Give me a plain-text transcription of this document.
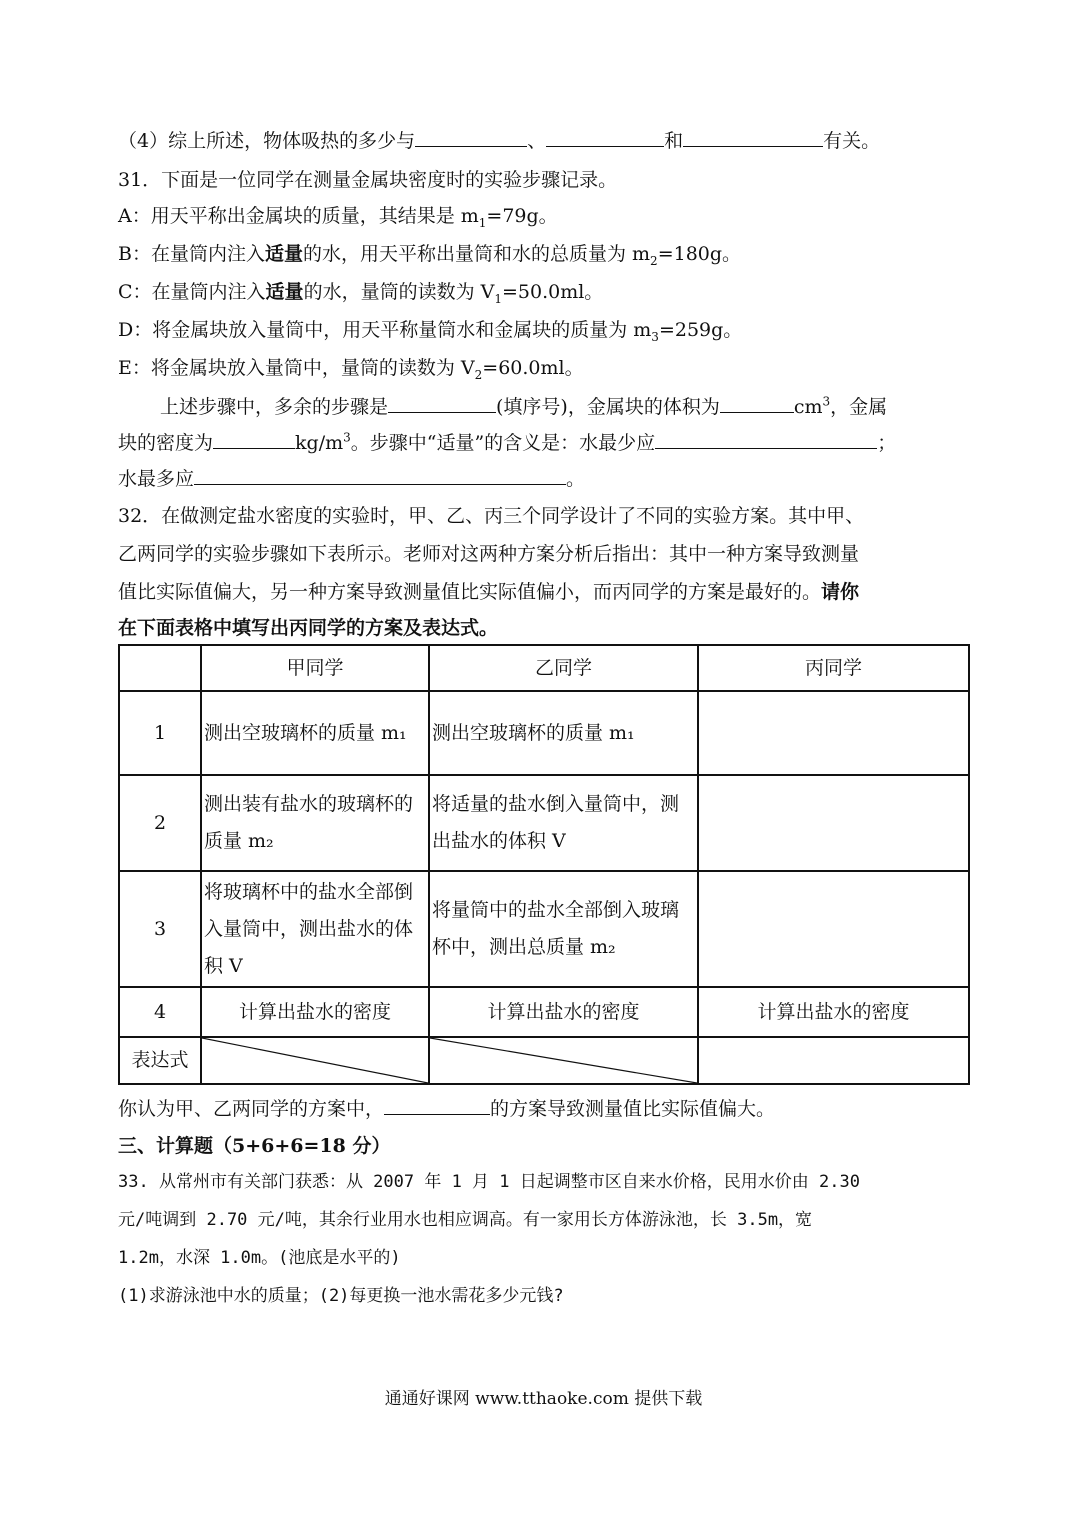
（4）综上所述，物体吸热的多少与	、	和	有关。
31．下面是一位同学在测量金属块密度时的实验步骤记录。
A：用天平称出金属块的质量，其结果是 $m_1=79g$。
B：在量筒内注入适量的水，用天平称出量筒和水的总质量为 $m_2=180g$。
C：在量筒内注入适量的水，量筒的读数为 $V_1=50.0ml$。
D：将金属块放入量筒中，用天平称量筒水和金属块的质量为 $m_3=259g$。
E：将金属块放入量筒中，量筒的读数为 $V_2=60.0ml$。
上述步骤中，多余的步骤是	(填序号)，金属块的体积为	$cm^3$，金属
块的密度为	$kg/m^3$。步骤中“适量”的含义是：水最少应	；
水最多应	。
32．在做测定盐水密度的实验时，甲、乙、丙三个同学设计了不同的实验方案。其中甲、
乙两同学的实验步骤如下表所示。老师对这两种方案分析后指出：其中一种方案导致测量
值比实际值偏大，另一种方案导致测量值比实际值偏小，而丙同学的方案是最好的。请你
在下面表格中填写出丙同学的方案及表达式。
	甲同学	乙同学	丙同学
1	测出空玻璃杯的质量 m₁	测出空玻璃杯的质量 m₁	
2	测出装有盐水的玻璃杯的质量 m₂	将适量的盐水倒入量筒中，测出盐水的体积 V	
3	将玻璃杯中的盐水全部倒入量筒中，测出盐水的体积 V	将量筒中的盐水全部倒入玻璃杯中，测出总质量 m₂	
4	计算出盐水的密度	计算出盐水的密度	计算出盐水的密度
表达式	

你认为甲、乙两同学的方案中，	的方案导致测量值比实际值偏大。
三、计算题（5+6+6=18 分）
33. 从常州市有关部门获悉：从 2007 年 1 月 1 日起调整市区自来水价格，民用水价由 2.30
元/吨调到 2.70 元/吨，其余行业用水也相应调高。有一家用长方体游泳池，长 3.5m，宽
1.2m，水深 1.0m。(池底是水平的)
(1)求游泳池中水的质量；(2)每更换一池水需花多少元钱?
通通好课网 www.tthaoke.com 提供下载
